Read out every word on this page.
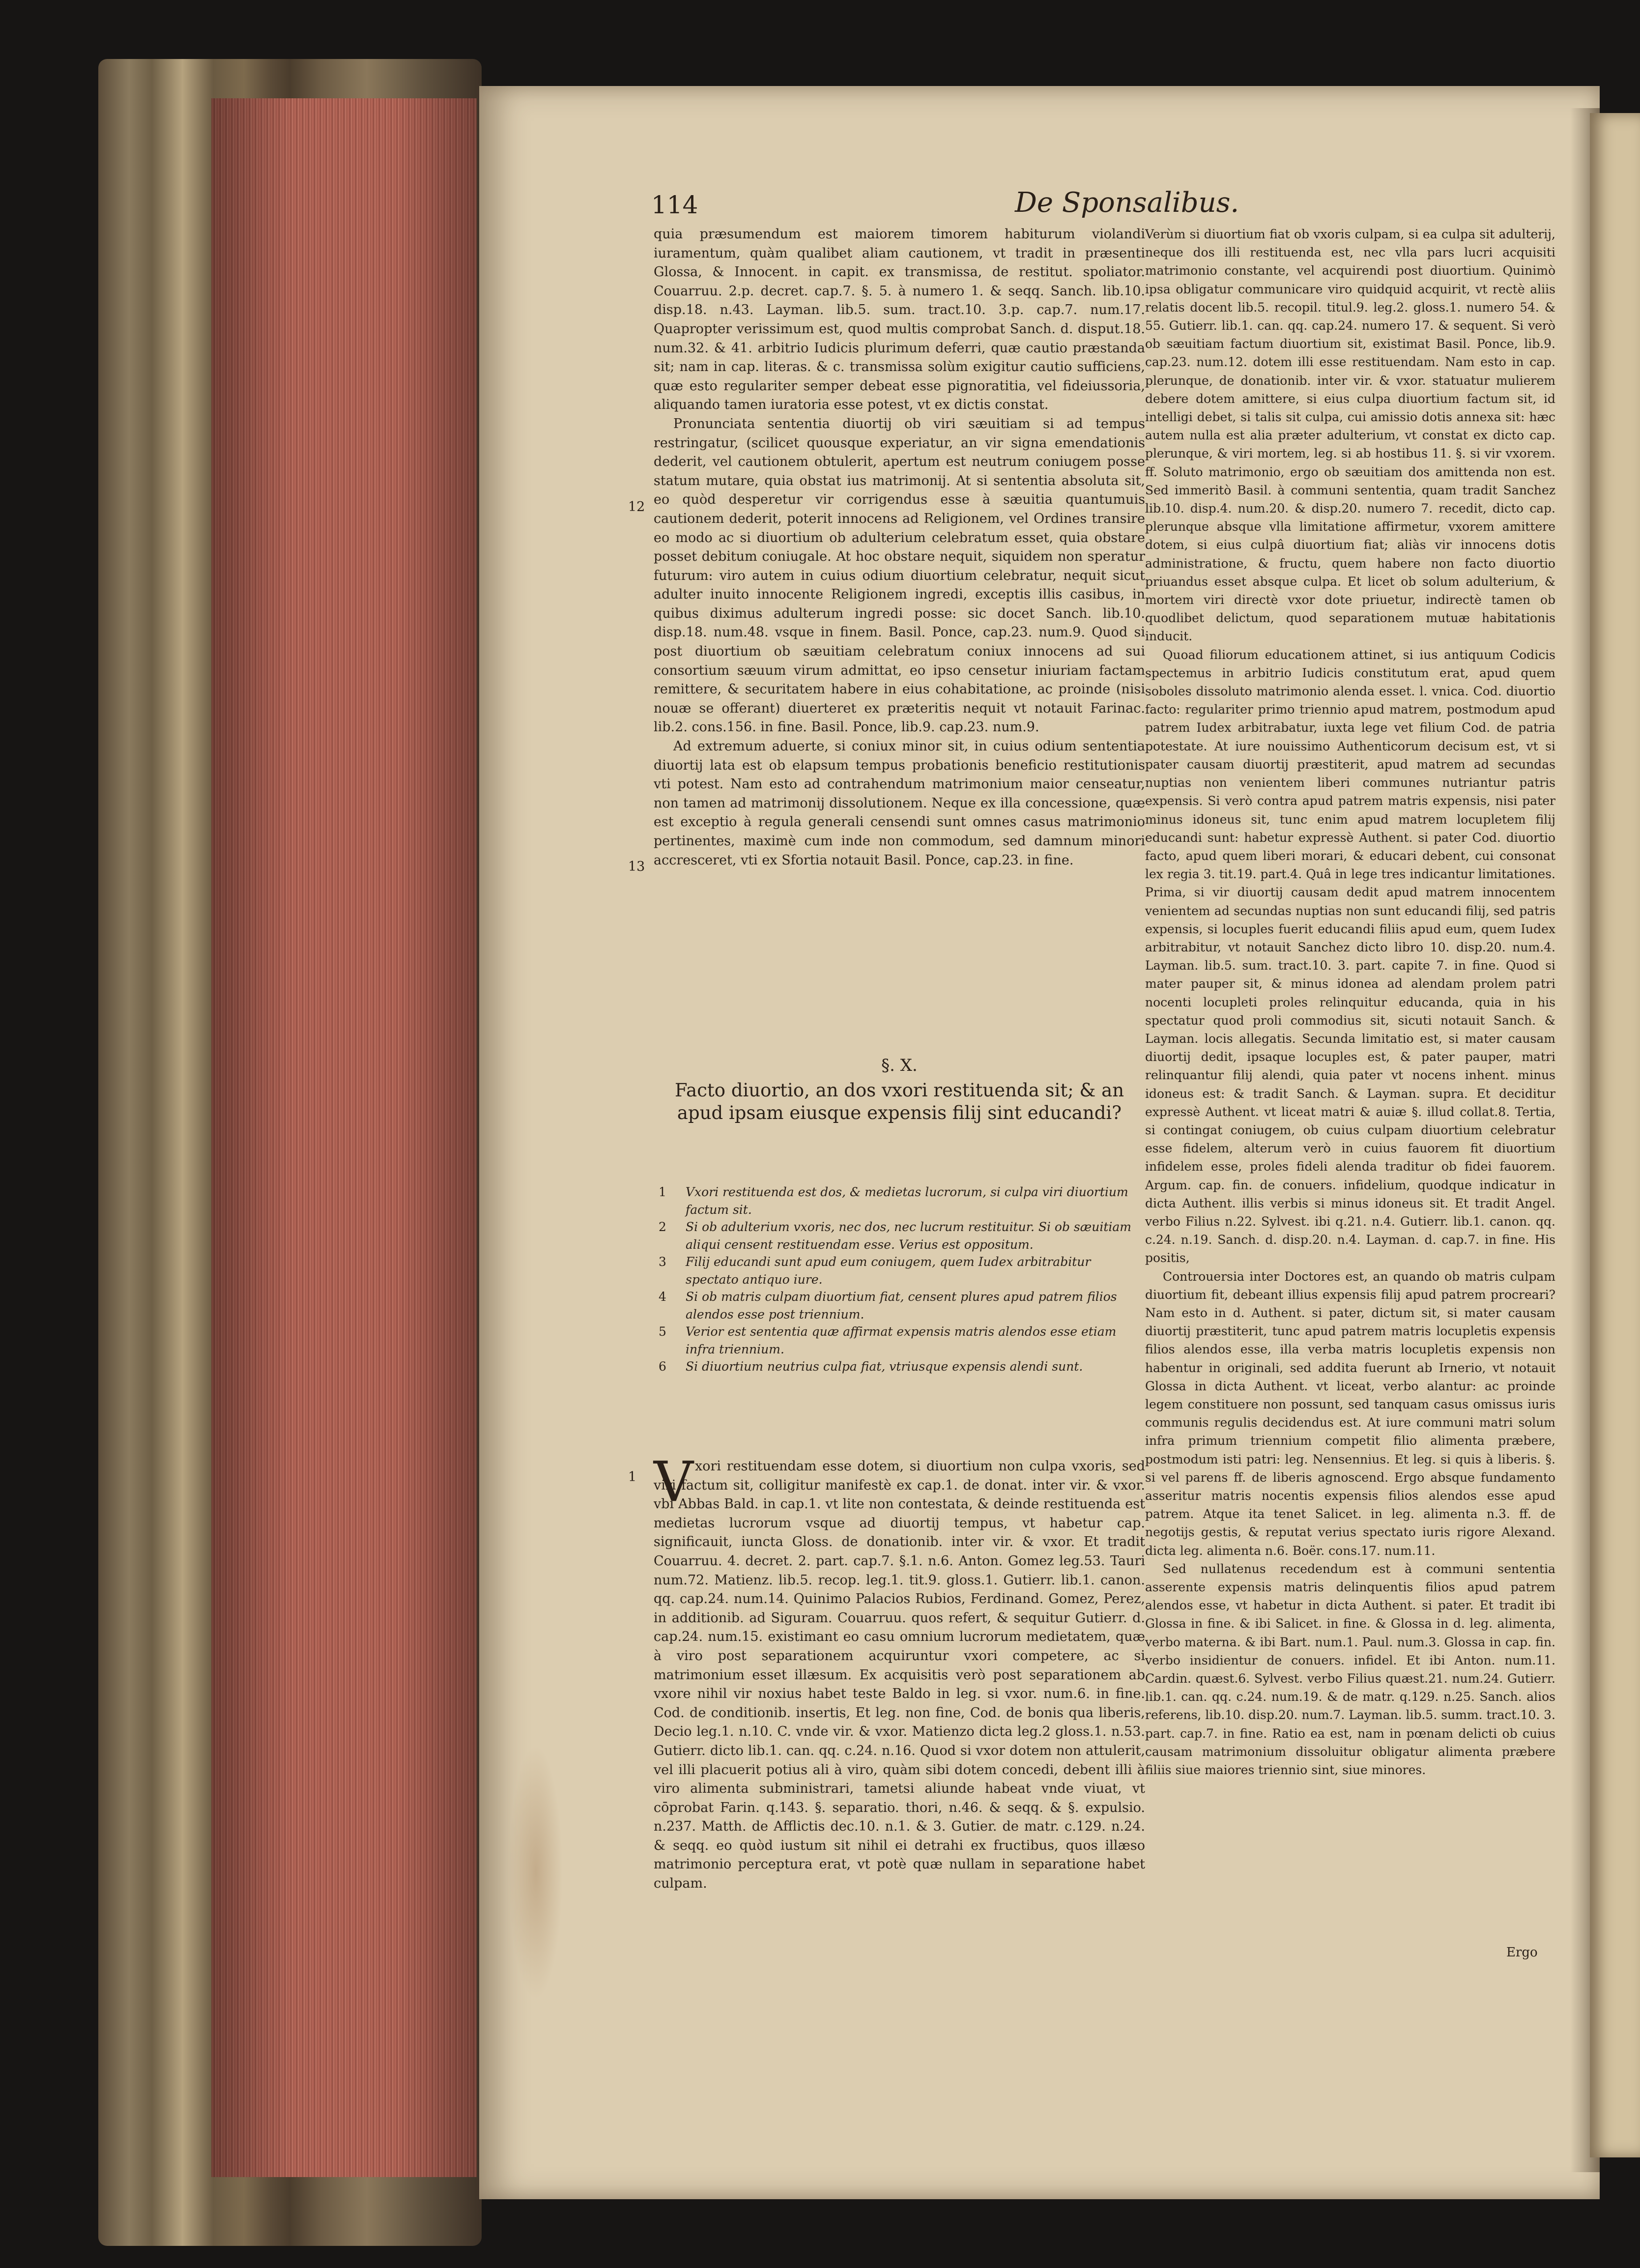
114	De Sponsalibus.

quia præsumendum est maiorem timorem habiturum violandi iuramentum, quàm qualibet aliam cautionem, vt tradit in præsenti Glossa, & Innocent. in capit. ex transmissa, de restitut. spoliator. Couarruu. 2.p. decret. cap.7. §. 5. à numero 1. & seqq. Sanch. lib.10. disp.18. n.43. Layman. lib.5. sum. tract.10. 3.p. cap.7. num.17. Quapropter verissimum est, quod multis comprobat Sanch. d. disput.18. num.32. & 41. arbitrio Iudicis plurimum deferri, quæ cautio præstanda sit; nam in cap. literas. & c. transmissa solùm exigitur cautio sufficiens, quæ esto regulariter semper debeat esse pignoratitia, vel fideiussoria, aliquando tamen iuratoria esse potest, vt ex dictis constat.

Pronunciata sententia diuortij ob viri sæuitiam si ad tempus restringatur, (scilicet quousque experiatur, an vir signa emendationis dederit, vel cautionem obtulerit, apertum est neutrum coniugem posse statum mutare, quia obstat ius matrimonij. At si sententia absoluta sit, eo quòd desperetur vir corrigendus esse à sæuitia quantumuis cautionem dederit, poterit innocens ad Religionem, vel Ordines transire eo modo ac si diuortium ob adulterium celebratum esset, quia obstare posset debitum coniugale. At hoc obstare nequit, siquidem non speratur futurum: viro autem in cuius odium diuortium celebratur, nequit sicut adulter inuito innocente Religionem ingredi, exceptis illis casibus, in quibus diximus adulterum ingredi posse: sic docet Sanch. lib.10. disp.18. num.48. vsque in finem. Basil. Ponce, cap.23. num.9. Quod si post diuortium ob sæuitiam celebratum coniux innocens ad sui consortium sæuum virum admittat, eo ipso censetur iniuriam factam remittere, & securitatem habere in eius cohabitatione, ac proinde (nisi nouæ se offerant) diuerteret ex præteritis nequit vt notauit Farinac. lib.2. cons.156. in fine. Basil. Ponce, lib.9. cap.23. num.9.

Ad extremum aduerte, si coniux minor sit, in cuius odium sententia diuortij lata est ob elapsum tempus probationis beneficio restitutionis vti potest. Nam esto ad contrahendum matrimonium maior censeatur, non tamen ad matrimonij dissolutionem. Neque ex illa concessione, quæ est exceptio à regula generali censendi sunt omnes casus matrimonio pertinentes, maximè cum inde non commodum, sed damnum minori accresceret, vti ex Sfortia notauit Basil. Ponce, cap.23. in fine.

12
13
§. X.
Facto diuortio, an dos vxori restituenda sit; & an apud ipsam eiusque expensis filij sint educandi?
1	Vxori restituenda est dos, & medietas lucrorum, si culpa viri diuortium factum sit.
2	Si ob adulterium vxoris, nec dos, nec lucrum restituitur. Si ob sæuitiam aliqui censent restituendam esse. Verius est oppositum.
3	Filij educandi sunt apud eum coniugem, quem Iudex arbitrabitur spectato antiquo iure.
4	Si ob matris culpam diuortium fiat, censent plures apud patrem filios alendos esse post triennium.
5	Verior est sententia quæ affirmat expensis matris alendos esse etiam infra triennium.
6	Si diuortium neutrius culpa fiat, vtriusque expensis alendi sunt.
1 V xori restituendam esse dotem, si diuortium non culpa vxoris, sed viri factum sit, colligitur manifestè ex cap.1. de donat. inter vir. & vxor. vbi Abbas Bald. in cap.1. vt lite non contestata, & deinde restituenda est medietas lucrorum vsque ad diuortij tempus, vt habetur cap. significauit, iuncta Gloss. de donationib. inter vir. & vxor. Et tradit Couarruu. 4. decret. 2. part. cap.7. §.1. n.6. Anton. Gomez leg.53. Tauri num.72. Matienz. lib.5. recop. leg.1. tit.9. gloss.1. Gutierr. lib.1. canon. qq. cap.24. num.14. Quinimo Palacios Rubios, Ferdinand. Gomez, Perez, in additionib. ad Siguram. Couarruu. quos refert, & sequitur Gutierr. d. cap.24. num.15. existimant eo casu omnium lucrorum medietatem, quæ à viro post separationem acquiruntur vxori competere, ac si matrimonium esset illæsum. Ex acquisitis verò post separationem ab vxore nihil vir noxius habet teste Baldo in leg. si vxor. num.6. in fine. Cod. de conditionib. insertis, Et leg. non fine, Cod. de bonis qua liberis, Decio leg.1. n.10. C. vnde vir. & vxor. Matienzo dicta leg.2 gloss.1. n.53. Gutierr. dicto lib.1. can. qq. c.24. n.16. Quod si vxor dotem non attulerit, vel illi placuerit potius ali à viro, quàm sibi dotem concedi, debent illi à viro alimenta subministrari, tametsi aliunde habeat vnde viuat, vt cōprobat Farin. q.143. §. separatio. thori, n.46. & seqq. & §. expulsio. n.237. Matth. de Afflictis dec.10. n.1. & 3. Gutier. de matr. c.129. n.24. & seqq. eo quòd iustum sit nihil ei detrahi ex fructibus, quos illæso matrimonio perceptura erat, vt potè quæ nullam in separatione habet culpam.

Verùm si diuortium fiat ob vxoris culpam, si ea culpa sit adulterij, neque dos illi restituenda est, nec vlla pars lucri acquisiti matrimonio constante, vel acquirendi post diuortium. Quinimò ipsa obligatur communicare viro quidquid acquirit, vt rectè aliis relatis docent lib.5. recopil. titul.9. leg.2. gloss.1. numero 54. & 55. Gutierr. lib.1. can. qq. cap.24. numero 17. & sequent. Si verò ob sæuitiam factum diuortium sit, existimat Basil. Ponce, lib.9. cap.23. num.12. dotem illi esse restituendam. Nam esto in cap. plerunque, de donationib. inter vir. & vxor. statuatur mulierem debere dotem amittere, si eius culpa diuortium factum sit, id intelligi debet, si talis sit culpa, cui amissio dotis annexa sit: hæc autem nulla est alia præter adulterium, vt constat ex dicto cap. plerunque, & viri mortem, leg. si ab hostibus 11. §. si vir vxorem. ff. Soluto matrimonio, ergo ob sæuitiam dos amittenda non est. Sed immeritò Basil. à communi sententia, quam tradit Sanchez lib.10. disp.4. num.20. & disp.20. numero 7. recedit, dicto cap. plerunque absque vlla limitatione affirmetur, vxorem amittere dotem, si eius culpâ diuortium fiat; aliàs vir innocens dotis administratione, & fructu, quem habere non facto diuortio priuandus esset absque culpa. Et licet ob solum adulterium, & mortem viri directè vxor dote priuetur, indirectè tamen ob quodlibet delictum, quod separationem mutuæ habitationis inducit.

Quoad filiorum educationem attinet, si ius antiquum Codicis spectemus in arbitrio Iudicis constitutum erat, apud quem soboles dissoluto matrimonio alenda esset. l. vnica. Cod. diuortio facto: regulariter primo triennio apud matrem, postmodum apud patrem Iudex arbitrabatur, iuxta lege vet filium Cod. de patria potestate. At iure nouissimo Authenticorum decisum est, vt si pater causam diuortij præstiterit, apud matrem ad secundas nuptias non venientem liberi communes nutriantur patris expensis. Si verò contra apud patrem matris expensis, nisi pater minus idoneus sit, tunc enim apud matrem locupletem filij educandi sunt: habetur expressè Authent. si pater Cod. diuortio facto, apud quem liberi morari, & educari debent, cui consonat lex regia 3. tit.19. part.4. Quâ in lege tres indicantur limitationes. Prima, si vir diuortij causam dedit apud matrem innocentem venientem ad secundas nuptias non sunt educandi filij, sed patris expensis, si locuples fuerit educandi filiis apud eum, quem Iudex arbitrabitur, vt notauit Sanchez dicto libro 10. disp.20. num.4. Layman. lib.5. sum. tract.10. 3. part. capite 7. in fine. Quod si mater pauper sit, & minus idonea ad alendam prolem patri nocenti locupleti proles relinquitur educanda, quia in his spectatur quod proli commodius sit, sicuti notauit Sanch. & Layman. locis allegatis. Secunda limitatio est, si mater causam diuortij dedit, ipsaque locuples est, & pater pauper, matri relinquantur filij alendi, quia pater vt nocens inhent. minus idoneus est: & tradit Sanch. & Layman. supra. Et deciditur expressè Authent. vt liceat matri & auiæ §. illud collat.8. Tertia, si contingat coniugem, ob cuius culpam diuortium celebratur esse fidelem, alterum verò in cuius fauorem fit diuortium infidelem esse, proles fideli alenda traditur ob fidei fauorem. Argum. cap. fin. de conuers. infidelium, quodque indicatur in dicta Authent. illis verbis si minus idoneus sit. Et tradit Angel. verbo Filius n.22. Sylvest. ibi q.21. n.4. Gutierr. lib.1. canon. qq. c.24. n.19. Sanch. d. disp.20. n.4. Layman. d. cap.7. in fine. His positis,

Controuersia inter Doctores est, an quando ob matris culpam diuortium fit, debeant illius expensis filij apud patrem procreari? Nam esto in d. Authent. si pater, dictum sit, si mater causam diuortij præstiterit, tunc apud patrem matris locupletis expensis filios alendos esse, illa verba matris locupletis expensis non habentur in originali, sed addita fuerunt ab Irnerio, vt notauit Glossa in dicta Authent. vt liceat, verbo alantur: ac proinde legem constituere non possunt, sed tanquam casus omissus iuris communis regulis decidendus est. At iure communi matri solum infra primum triennium competit filio alimenta præbere, postmodum isti patri: leg. Nensennius. Et leg. si quis à liberis. §. si vel parens ff. de liberis agnoscend. Ergo absque fundamento asseritur matris nocentis expensis filios alendos esse apud patrem. Atque ita tenet Salicet. in leg. alimenta n.3. ff. de negotijs gestis, & reputat verius spectato iuris rigore Alexand. dicta leg. alimenta n.6. Boër. cons.17. num.11.

Sed nullatenus recedendum est à communi sententia asserente expensis matris delinquentis filios apud patrem alendos esse, vt habetur in dicta Authent. si pater. Et tradit ibi Glossa in fine. & ibi Salicet. in fine. & Glossa in d. leg. alimenta, verbo materna. & ibi Bart. num.1. Paul. num.3. Glossa in cap. fin. verbo insidientur de conuers. infidel. Et ibi Anton. num.11. Cardin. quæst.6. Sylvest. verbo Filius quæst.21. num.24. Gutierr. lib.1. can. qq. c.24. num.19. & de matr. q.129. n.25. Sanch. alios referens, lib.10. disp.20. num.7. Layman. lib.5. summ. tract.10. 3. part. cap.7. in fine. Ratio ea est, nam in pœnam delicti ob cuius causam matrimonium dissoluitur obligatur alimenta præbere filiis siue maiores triennio sint, siue minores.

Ergo
